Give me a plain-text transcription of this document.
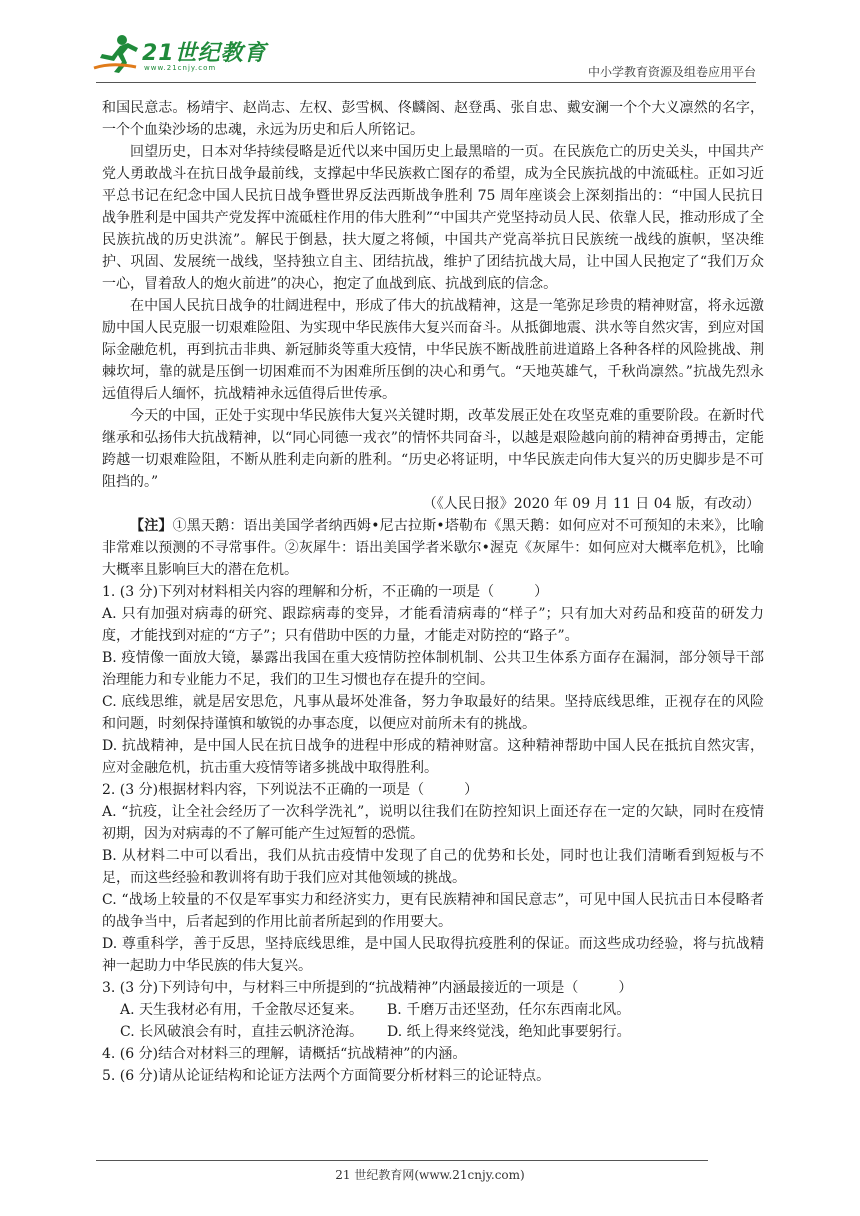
21世纪教育
www.21cnjy.com	中小学教育资源及组卷应用平台

和国民意志。杨靖宇、赵尚志、左权、彭雪枫、佟麟阁、赵登禹、张自忠、戴安澜一个个大义凛然的名字，一个个血染沙场的忠魂，永远为历史和后人所铭记。

回望历史，日本对华持续侵略是近代以来中国历史上最黑暗的一页。在民族危亡的历史关头，中国共产党人勇敢战斗在抗日战争最前线，支撑起中华民族救亡图存的希望，成为全民族抗战的中流砥柱。正如习近平总书记在纪念中国人民抗日战争暨世界反法西斯战争胜利 75 周年座谈会上深刻指出的：“中国人民抗日战争胜利是中国共产党发挥中流砥柱作用的伟大胜利”“中国共产党坚持动员人民、依靠人民，推动形成了全民族抗战的历史洪流”。解民于倒悬，扶大厦之将倾，中国共产党高举抗日民族统一战线的旗帜，坚决维护、巩固、发展统一战线，坚持独立自主、团结抗战，维护了团结抗战大局，让中国人民抱定了“我们万众一心，冒着敌人的炮火前进”的决心，抱定了血战到底、抗战到底的信念。

在中国人民抗日战争的壮阔进程中，形成了伟大的抗战精神，这是一笔弥足珍贵的精神财富，将永远激励中国人民克服一切艰难险阻、为实现中华民族伟大复兴而奋斗。从抵御地震、洪水等自然灾害，到应对国际金融危机，再到抗击非典、新冠肺炎等重大疫情，中华民族不断战胜前进道路上各种各样的风险挑战、荆棘坎坷，靠的就是压倒一切困难而不为困难所压倒的决心和勇气。“天地英雄气，千秋尚凛然。”抗战先烈永远值得后人缅怀，抗战精神永远值得后世传承。

今天的中国，正处于实现中华民族伟大复兴关键时期，改革发展正处在攻坚克难的重要阶段。在新时代继承和弘扬伟大抗战精神，以“同心同德一戎衣”的情怀共同奋斗，以越是艰险越向前的精神奋勇搏击，定能跨越一切艰难险阻，不断从胜利走向新的胜利。“历史必将证明，中华民族走向伟大复兴的历史脚步是不可阻挡的。”

（《人民日报》2020 年 09 月 11 日 04 版，有改动）

【注】①黑天鹅：语出美国学者纳西姆•尼古拉斯•塔勒布《黑天鹅：如何应对不可预知的未来》，比喻非常难以预测的不寻常事件。②灰犀牛：语出美国学者米歇尔•渥克《灰犀牛：如何应对大概率危机》，比喻大概率且影响巨大的潜在危机。

1. (3 分)下列对材料相关内容的理解和分析，不正确的一项是（	）

A. 只有加强对病毒的研究、跟踪病毒的变异，才能看清病毒的“样子”；只有加大对药品和疫苗的研发力度，才能找到对症的“方子”；只有借助中医的力量，才能走对防控的“路子”。

B. 疫情像一面放大镜，暴露出我国在重大疫情防控体制机制、公共卫生体系方面存在漏洞，部分领导干部治理能力和专业能力不足，我们的卫生习惯也存在提升的空间。

C. 底线思维，就是居安思危，凡事从最坏处准备，努力争取最好的结果。坚持底线思维，正视存在的风险和问题，时刻保持谨慎和敏锐的办事态度，以便应对前所未有的挑战。

D. 抗战精神，是中国人民在抗日战争的进程中形成的精神财富。这种精神帮助中国人民在抵抗自然灾害，应对金融危机，抗击重大疫情等诸多挑战中取得胜利。

2. (3 分)根据材料内容，下列说法不正确的一项是（	）

A. “抗疫，让全社会经历了一次科学洗礼”，说明以往我们在防控知识上面还存在一定的欠缺，同时在疫情初期，因为对病毒的不了解可能产生过短暂的恐慌。

B. 从材料二中可以看出，我们从抗击疫情中发现了自己的优势和长处，同时也让我们清晰看到短板与不足，而这些经验和教训将有助于我们应对其他领域的挑战。

C. “战场上较量的不仅是军事实力和经济实力，更有民族精神和国民意志”，可见中国人民抗击日本侵略者的战争当中，后者起到的作用比前者所起到的作用要大。

D. 尊重科学，善于反思，坚持底线思维，是中国人民取得抗疫胜利的保证。而这些成功经验，将与抗战精神一起助力中华民族的伟大复兴。

3. (3 分)下列诗句中，与材料三中所提到的“抗战精神”内涵最接近的一项是（	）

A. 天生我材必有用，千金散尽还复来。	B. 千磨万击还坚劲，任尔东西南北风。
C. 长风破浪会有时，直挂云帆济沧海。	D. 纸上得来终觉浅，绝知此事要躬行。

4. (6 分)结合对材料三的理解，请概括“抗战精神”的内涵。

5. (6 分)请从论证结构和论证方法两个方面简要分析材料三的论证特点。

21 世纪教育网(www.21cnjy.com)
